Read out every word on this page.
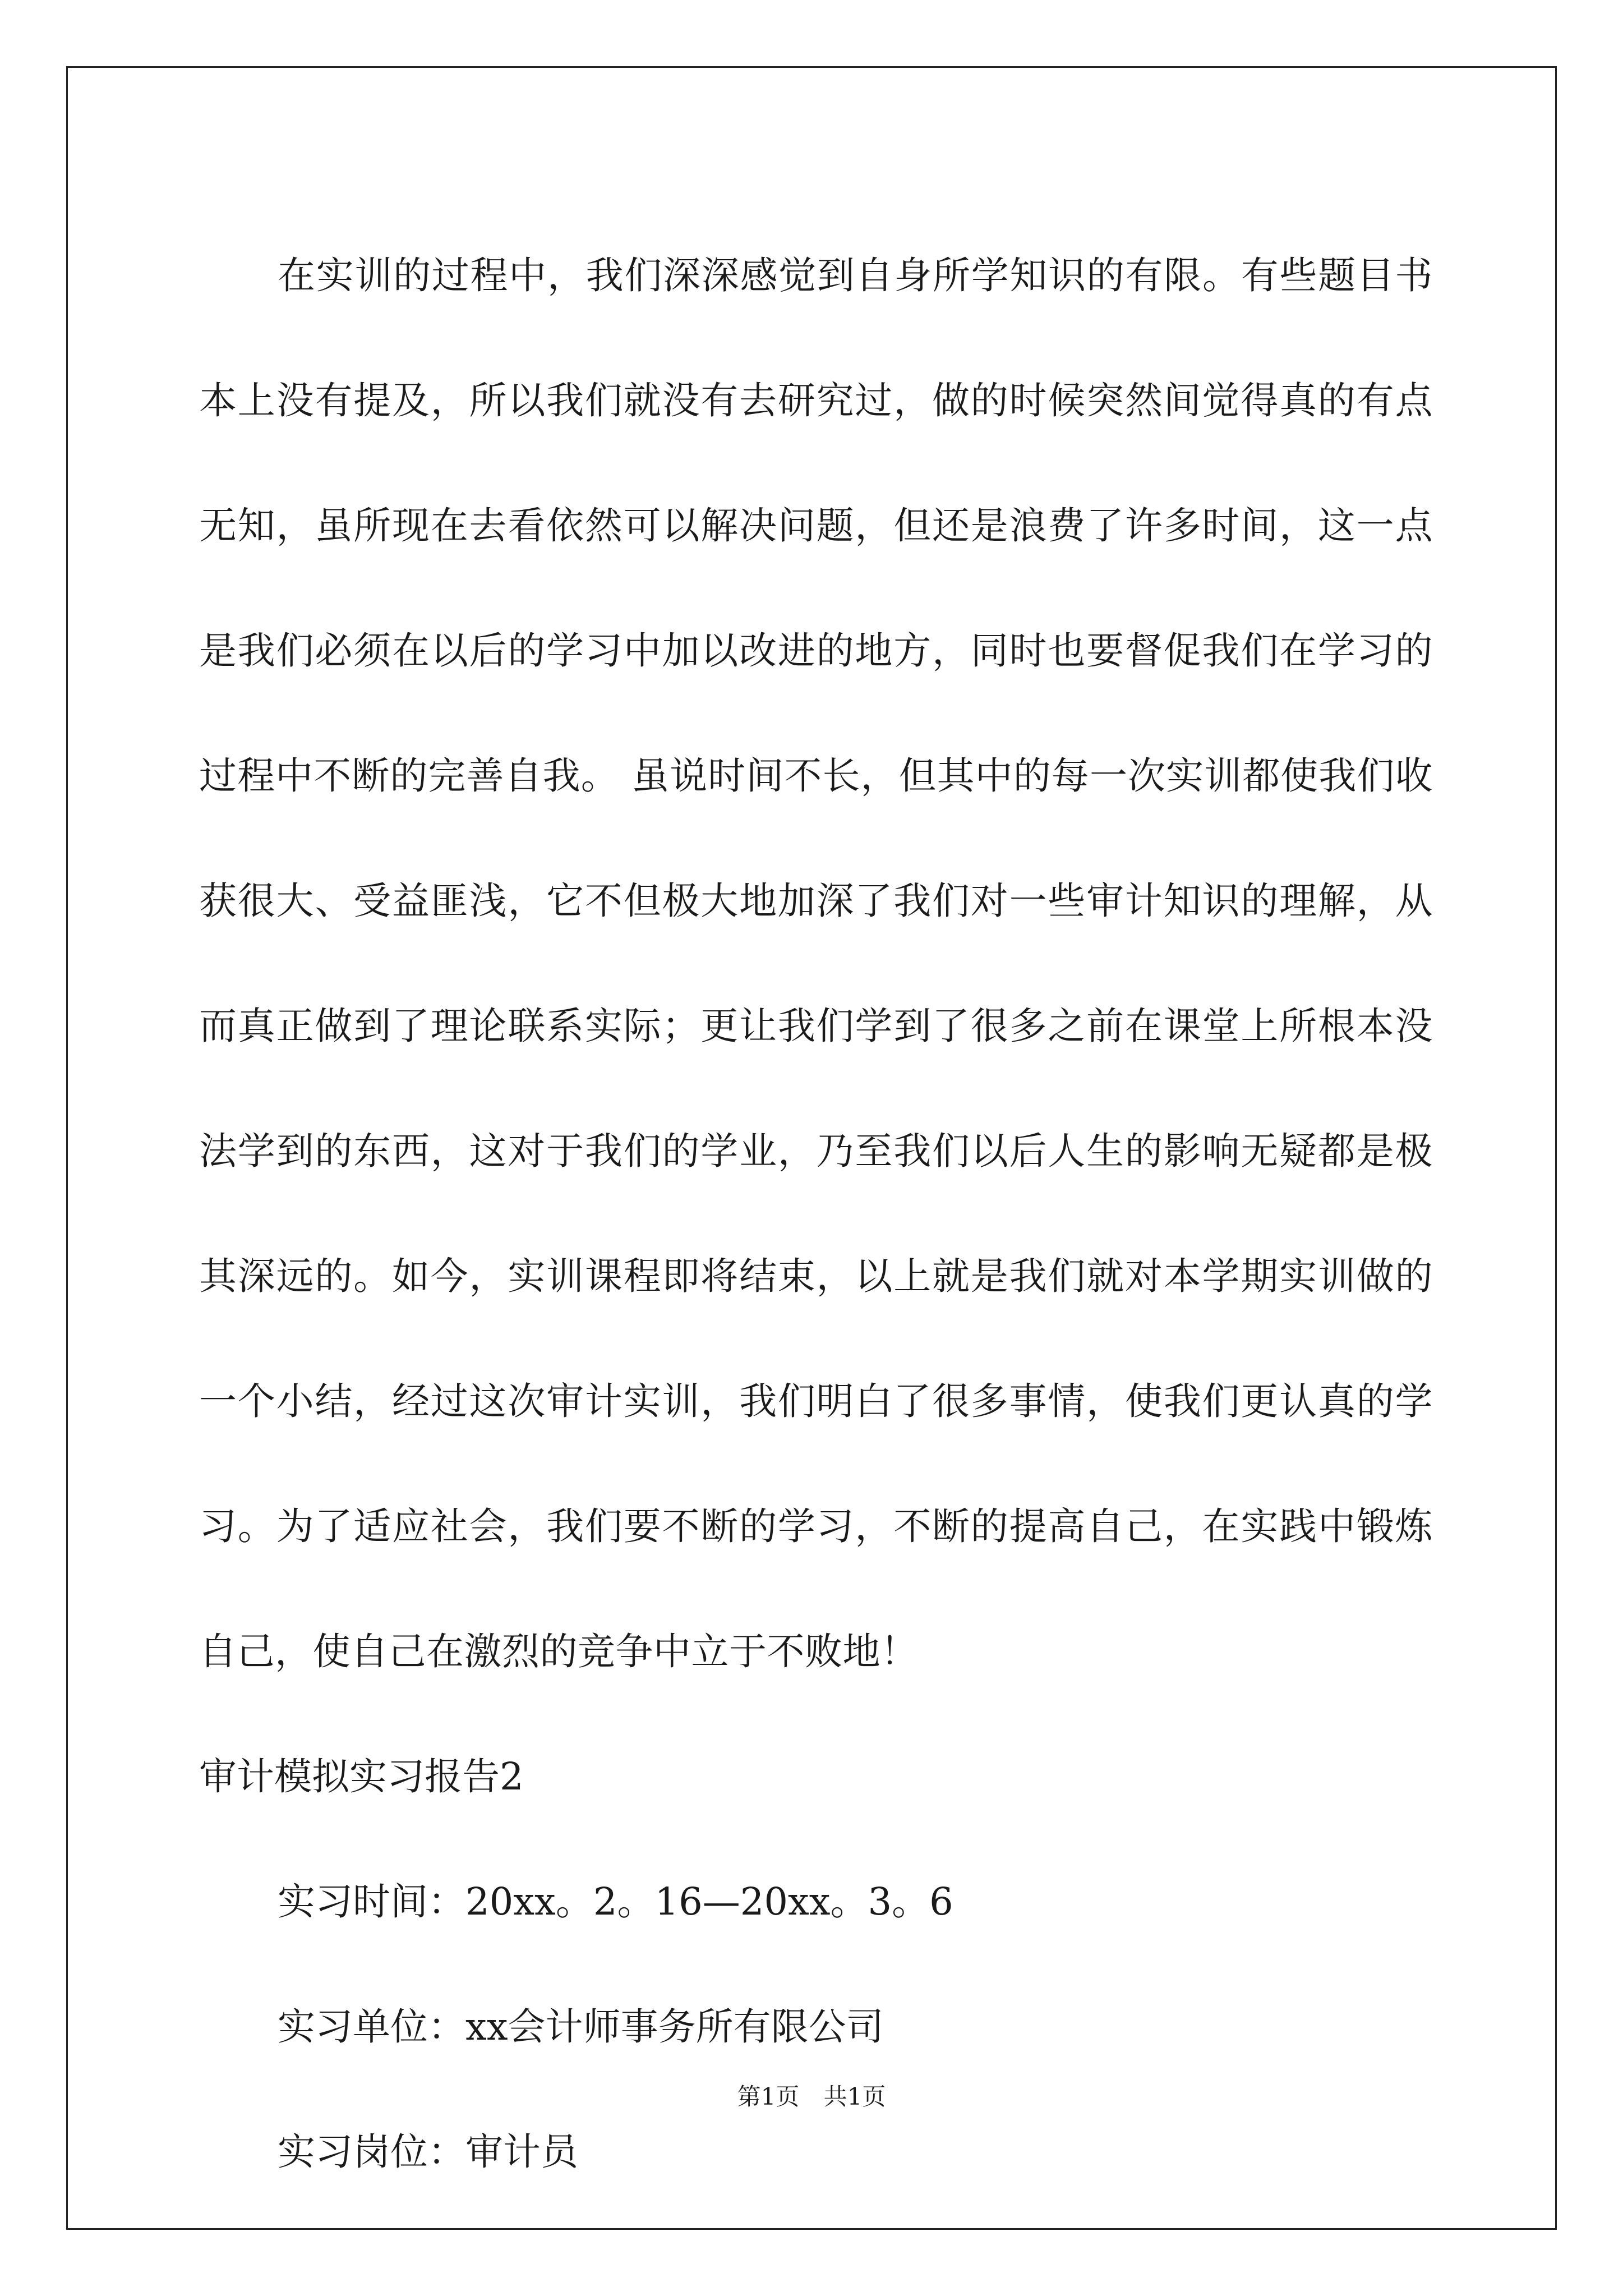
在实训的过程中，我们深深感觉到自身所学知识的有限。有些题目书本上没有提及，所以我们就没有去研究过，做的时候突然间觉得真的有点无知，虽所现在去看依然可以解决问题，但还是浪费了许多时间，这一点是我们必须在以后的学习中加以改进的地方，同时也要督促我们在学习的过程中不断的完善自我。 虽说时间不长，但其中的每一次实训都使我们收获很大、受益匪浅，它不但极大地加深了我们对一些审计知识的理解，从而真正做到了理论联系实际；更让我们学到了很多之前在课堂上所根本没法学到的东西，这对于我们的学业，乃至我们以后人生的影响无疑都是极其深远的。如今，实训课程即将结束，以上就是我们就对本学期实训做的一个小结，经过这次审计实训，我们明白了很多事情，使我们更认真的学习。为了适应社会，我们要不断的学习，不断的提高自己，在实践中锻炼自己，使自己在激烈的竞争中立于不败地！

审计模拟实习报告2

实习时间：20xx。2。16—20xx。3。6

实习单位：xx会计师事务所有限公司

实习岗位：审计员

第1页 共1页
